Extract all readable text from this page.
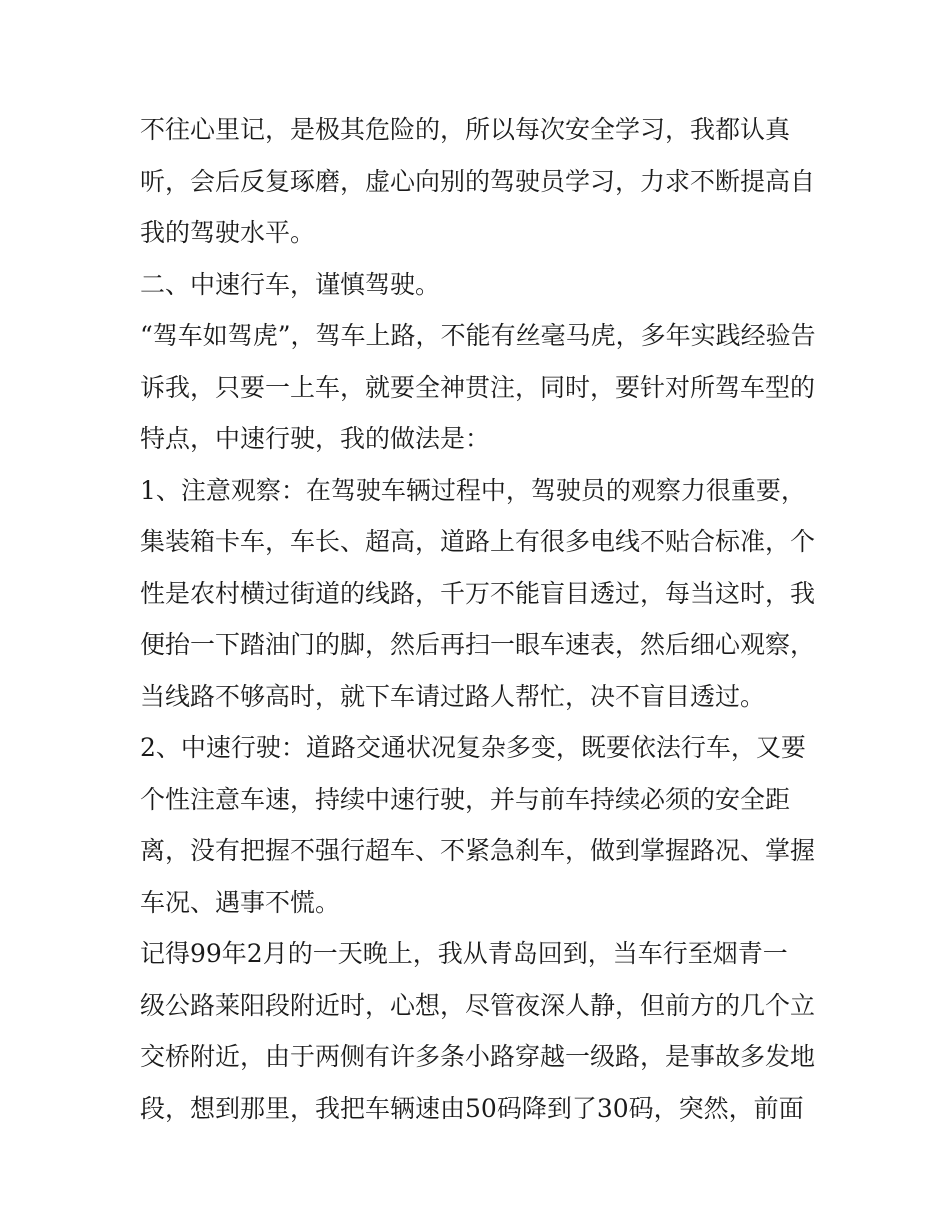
不往心里记，是极其危险的，所以每次安全学习，我都认真
听，会后反复琢磨，虚心向别的驾驶员学习，力求不断提高自
我的驾驶水平。
二、中速行车，谨慎驾驶。
“驾车如驾虎”，驾车上路，不能有丝毫马虎，多年实践经验告
诉我，只要一上车，就要全神贯注，同时，要针对所驾车型的
特点，中速行驶，我的做法是：
1、注意观察：在驾驶车辆过程中，驾驶员的观察力很重要，
集装箱卡车，车长、超高，道路上有很多电线不贴合标准，个
性是农村横过街道的线路，千万不能盲目透过，每当这时，我
便抬一下踏油门的脚，然后再扫一眼车速表，然后细心观察，
当线路不够高时，就下车请过路人帮忙，决不盲目透过。
2、中速行驶：道路交通状况复杂多变，既要依法行车，又要
个性注意车速，持续中速行驶，并与前车持续必须的安全距
离，没有把握不强行超车、不紧急刹车，做到掌握路况、掌握
车况、遇事不慌。
记得99年2月的一天晚上，我从青岛回到，当车行至烟青一
级公路莱阳段附近时，心想，尽管夜深人静，但前方的几个立
交桥附近，由于两侧有许多条小路穿越一级路，是事故多发地
段，想到那里，我把车辆速由50码降到了30码，突然，前面
